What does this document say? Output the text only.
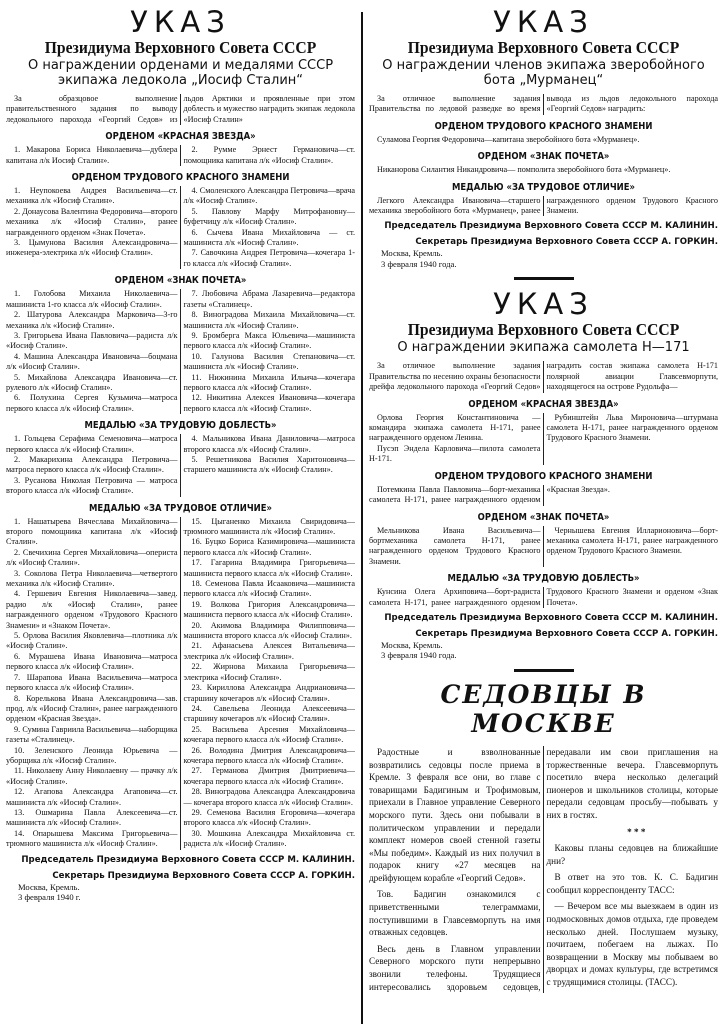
УКАЗ
Президиума Верховного Совета СССР
О награждении орденами и медалями СССР экипажа ледокола „Иосиф Сталин“

За образцовое выполнение правительственного задания по выводу ледокольного парохода «Георгий Седов» из льдов Арктики и проявленные при этом доблесть и мужество наградить экипаж ледокола «Иосиф Сталин»

ОРДЕНОМ «КРАСНАЯ ЗВЕЗДА»

1. Макарова Бориса Николаевича—дублера капитана л/к Иосиф Сталин».

2. Румме Эрнест Германовича—ст. помощника капитана л/к «Иосиф Сталин».

ОРДЕНОМ ТРУДОВОГО КРАСНОГО ЗНАМЕНИ

1. Неупокоева Андрея Васильевича—ст. механика л/к «Иосиф Сталин».

2. Донаусова Валентина Федоровича—второго механика л/к «Иосиф Сталин», ранее награжденного орденом «Знак Почета».

3. Цымунова Василия Александровича—инженера-электрика л/к «Иосиф Сталин».

4. Смоленского Александра Петровича—врача л/к «Иосиф Сталин».

5. Павлову Марфу Митрофановну—буфетчицу л/к «Иосиф Сталин».

6. Сычева Ивана Михайловича — ст. машиниста л/к «Иосиф Сталин».

7. Савочкина Андрея Петровича—кочегара 1-го класса л/к «Иосиф Сталин».

ОРДЕНОМ «ЗНАК ПОЧЕТА»

1. Голобова Михаила Николаевича—машиниста 1-го класса л/к «Иосиф Сталин».

2. Шатурова Александра Марковича—3-го механика л/к «Иосиф Сталин».

3. Григорьева Ивана Павловича—радиста л/к «Иосиф Сталин».

4. Машина Александра Ивановича—боцмана л/к «Иосиф Сталин».

5. Михайлова Александра Ивановича—ст. рулевого л/к «Иосиф Сталин».

6. Полухина Сергея Кузьмича—матроса первого класса л/к «Иосиф Сталин».

7. Любовича Абрама Лазаревича—редактора газеты «Сталинец».

8. Виноградова Михаила Михайловича—ст. машиниста л/к «Иосиф Сталин».

9. Бромберга Макса Юльевича—машиниста первого класса л/к «Иосиф Сталин».

10. Галунова Василия Степановича—ст. машиниста л/к «Иосиф Сталин».

11. Нижинина Михаила Ильича—кочегара первого класса л/к «Иосиф Сталин».

12. Никитина Алексея Ивановича—кочегара первого класса л/к «Иосиф Сталин».

МЕДАЛЬЮ «ЗА ТРУДОВУЮ ДОБЛЕСТЬ»

1. Гольцева Серафима Семеновича—матроса первого класса л/к «Иосиф Сталин».

2. Макарихина Александра Петровича—матроса первого класса л/к «Иосиф Сталин».

3. Русанова Николая Петровича — матроса второго класса л/к «Иосиф Сталин».

4. Мальникова Ивана Даниловича—матроса второго класса л/к «Иосиф Сталин».

5. Решетникова Василия Харитоновича—старшего машиниста л/к «Иосиф Сталин».

МЕДАЛЬЮ «ЗА ТРУДОВОЕ ОТЛИЧИЕ»

1. Нашатырева Вячеслава Михайловича—второго помощника капитана л/к «Иосиф Сталин».

2. Свечихина Сергея Михайловича—оперистa л/к «Иосиф Сталин».

3. Соколова Петра Николаевича—четвертого механика л/к «Иосиф Сталин».

4. Гершевич Евгения Николаевича—завед. радио л/к «Иосиф Сталин», ранее награжденного орденом «Трудового Красного Знамени» и «Знаком Почета».

5. Орлова Василия Яковлевича—плотника л/к «Иосиф Сталин».

6. Мурашева Ивана Ивановича—матроса первого класса л/к «Иосиф Сталин».

7. Шарапова Ивана Васильевича—матроса первого класса л/к «Иосиф Сталин».

8. Корелькова Ивана Александровича—зав. прод. л/к «Иосиф Сталин», ранее награжденного орденом «Красная Звезда».

9. Сумина Гавриила Васильевича—наборщика газеты «Сталинец».

10. Зеленского Леонида Юрьевича — уборщика л/к «Иосиф Сталин».

11. Николаеву Анну Николаевну — прачку л/к «Иосиф Сталин».

12. Агапова Александра Агаповича—ст. машиниста л/к «Иосиф Сталин».

13. Ошмарина Павла Алексеевича—ст. машиниста л/к «Иосиф Сталин».

14. Опарышева Максима Григорьевича—трюмного машиниста л/к «Иосиф Сталин».

15. Цыганенко Михаила Свиридовича—трюмного машиниста л/к «Иосиф Сталин».

16. Буцко Бориса Казимировича—машиниста первого класса л/к «Иосиф Сталин».

17. Гагарина Владимира Григорьевича—машиниста первого класса л/к «Иосиф Сталин».

18. Семенова Павла Исааковича—машиниста первого класса л/к «Иосиф Сталин».

19. Волкова Григория Александровича—машиниста первого класса л/к «Иосиф Сталин».

20. Акимова Владимира Филипповича—машиниста второго класса л/к «Иосиф Сталин».

21. Афанасьева Алексея Витальевича—электрика л/к «Иосиф Сталин».

22. Жирнова Михаила Григорьевича—электрика «Иосиф Сталин».

23. Кириллова Александра Андриановича—старшину кочегаров л/к «Иосиф Сталин».

24. Савельева Леонида Алексеевича—старшину кочегаров л/к «Иосиф Сталин».

25. Васильева Арсения Михайловича—кочегара первого класса л/к «Иосиф Сталин».

26. Володина Дмитрия Александровича—кочегара первого класса л/к «Иосиф Сталин».

27. Германова Дмитрия Дмитриевича—кочегара первого класса л/к «Иосиф Сталин».

28. Виноградова Александра Александровича — кочегара второго класса л/к «Иосиф Сталин».

29. Семенова Василия Егоровича—кочегара второго класса л/к «Иосиф Сталин».

30. Мошкина Александра Михайловича ст. радиста л/к «Иосиф Сталин».

Председатель Президиума Верховного Совета СССР М. КАЛИНИН.
Секретарь Президиума Верховного Совета СССР А. ГОРКИН.
Москва, Кремль.
3 февраля 1940 г.
УКАЗ
Президиума Верховного Совета СССР
О награждении членов экипажа зверобойного бота „Мурманец“

За отличное выполнение задания Правительства по ледовой разведке во время вывода из льдов ледокольного парохода «Георгий Седов» наградить:

ОРДЕНОМ ТРУДОВОГО КРАСНОГО ЗНАМЕНИ

Суламова Георгия Федоровича—капитана зверобойного бота «Мурманец».

ОРДЕНОМ «ЗНАК ПОЧЕТА»

Никанорова Силантия Никандровича— помполита зверобойного бота «Мурманец».

МЕДАЛЬЮ «ЗА ТРУДОВОЕ ОТЛИЧИЕ»

Легкого Александра Ивановича—старшего механика зверобойного бота «Мурманец», ранее награжденного орденом Трудового Красного Знамени.

Председатель Президиума Верховного Совета СССР М. КАЛИНИН.
Секретарь Президиума Верховного Совета СССР А. ГОРКИН.
Москва, Кремль.
3 февраля 1940 года.
УКАЗ
Президиума Верховного Совета СССР
О награждении экипажа самолета Н—171

За отличное выполнение задания Правительства по несению охраны безопасности дрейфа ледокольного парохода «Георгий Седов» наградить состав экипажа самолета Н-171 полярной авиации Главсевморпути, находящегося на острове Рудольфа—

ОРДЕНОМ «КРАСНАЯ ЗВЕЗДА»

Орлова Георгия Константиновича — командира экипажа самолета Н-171, ранее награжденного орденом Ленина.

Пусэп Эндела Карловича—пилота самолета Н-171.

Рубинштейн Льва Мироновича—штурмана самолета Н-171, ранее награжденного орденом Трудового Красного Знамени.

ОРДЕНОМ ТРУДОВОГО КРАСНОГО ЗНАМЕНИ

Потемкина Павла Павловича—борт-механика самолета Н-171, ранее награжденного орденом «Красная Звезда».

ОРДЕНОМ «ЗНАК ПОЧЕТА»

Мельникова Ивана Васильевича—бортмеханика самолета Н-171, ранее награжденного орденом Трудового Красного Знамени.

Чернышева Евгения Илларионовича—борт-механика самолета Н-171, ранее награжденного орденом Трудового Красного Знамени.

МЕДАЛЬЮ «ЗА ТРУДОВУЮ ДОБЛЕСТЬ»

Кунсина Олега Архиповича—борт-радиста самолета Н-171, ранее награжденного орденом Трудового Красного Знамени и орденом «Знак Почета».

Председатель Президиума Верховного Совета СССР М. КАЛИНИН.
Секретарь Президиума Верховного Совета СССР А. ГОРКИН.
Москва, Кремль.
3 февраля 1940 года.
СЕДОВЦЫ В МОСКВЕ

Радостные и взволнованные возвратились седовцы после приема в Кремле. 3 февраля все они, во главе с товарищами Бадигиным и Трофимовым, приехали в Главное управление Северного морского пути. Здесь они побывали в политическом управлении и передали комплект номеров своей стенной газеты «Мы победим». Каждый из них получил в подарок книгу «27 месяцев на дрейфующем корабле «Георгий Седов».

Тов. Бадигин ознакомился с приветственными телеграммами, поступившими в Главсевморпуть на имя отважных седовцев.

Весь день в Главном управлении Северного морского пути непрерывно звонили телефоны. Трудящиеся интересовались здоровьем седовцев, передавали им свои приглашения на торжественные вечера. Главсевморпуть посетило вчера несколько делегаций пионеров и школьников столицы, которые передали седовцам просьбу—побывать у них в гостях.

* * *

Каковы планы седовцев на ближайшие дни?

В ответ на это тов. К. С. Бадигин сообщил корреспонденту ТАСС:

— Вечером все мы выезжаем в один из подмосковных домов отдыха, где проведем несколько дней. Послушаем музыку, почитаем, побегаем на лыжах. По возвращении в Москву мы побываем во дворцах и домах культуры, где встретимся с трудящимися столицы. (ТАСС).
